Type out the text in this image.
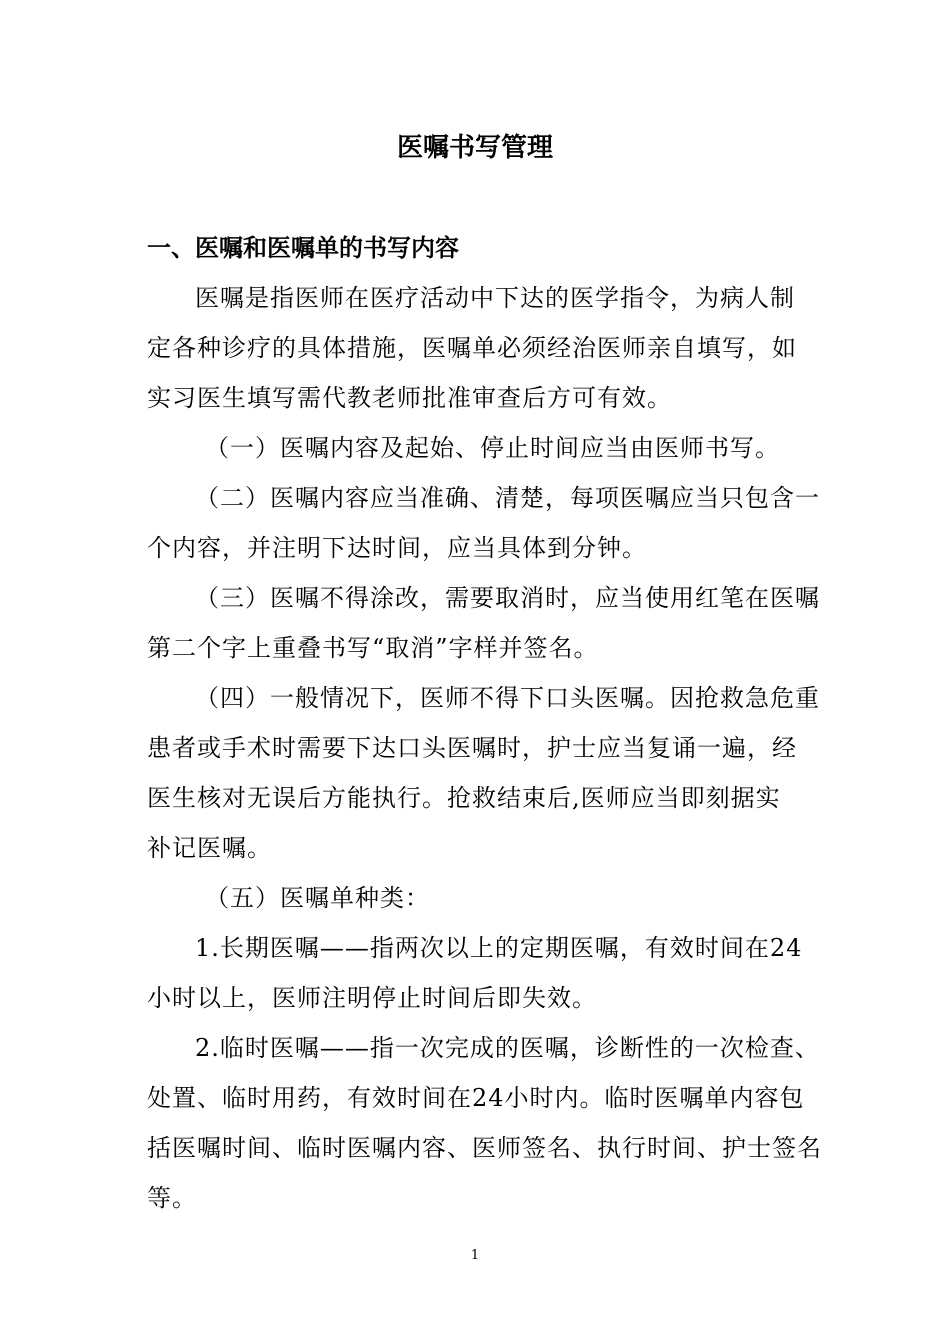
医嘱书写管理
一、医嘱和医嘱单的书写内容
医嘱是指医师在医疗活动中下达的医学指令，为病人制
定各种诊疗的具体措施，医嘱单必须经治医师亲自填写，如
实习医生填写需代教老师批准审查后方可有效。
（一）医嘱内容及起始、停止时间应当由医师书写。
（二）医嘱内容应当准确、清楚，每项医嘱应当只包含一
个内容，并注明下达时间，应当具体到分钟。
（三）医嘱不得涂改，需要取消时，应当使用红笔在医嘱
第二个字上重叠书写“取消”字样并签名。
（四）一般情况下，医师不得下口头医嘱。因抢救急危重
患者或手术时需要下达口头医嘱时，护士应当复诵一遍，经
医生核对无误后方能执行。抢救结束后,医师应当即刻据实
补记医嘱。
（五）医嘱单种类：
1.长期医嘱——指两次以上的定期医嘱，有效时间在24
小时以上，医师注明停止时间后即失效。
2.临时医嘱——指一次完成的医嘱，诊断性的一次检查、
处置、临时用药，有效时间在24小时内。临时医嘱单内容包
括医嘱时间、临时医嘱内容、医师签名、执行时间、护士签名
等。
1
